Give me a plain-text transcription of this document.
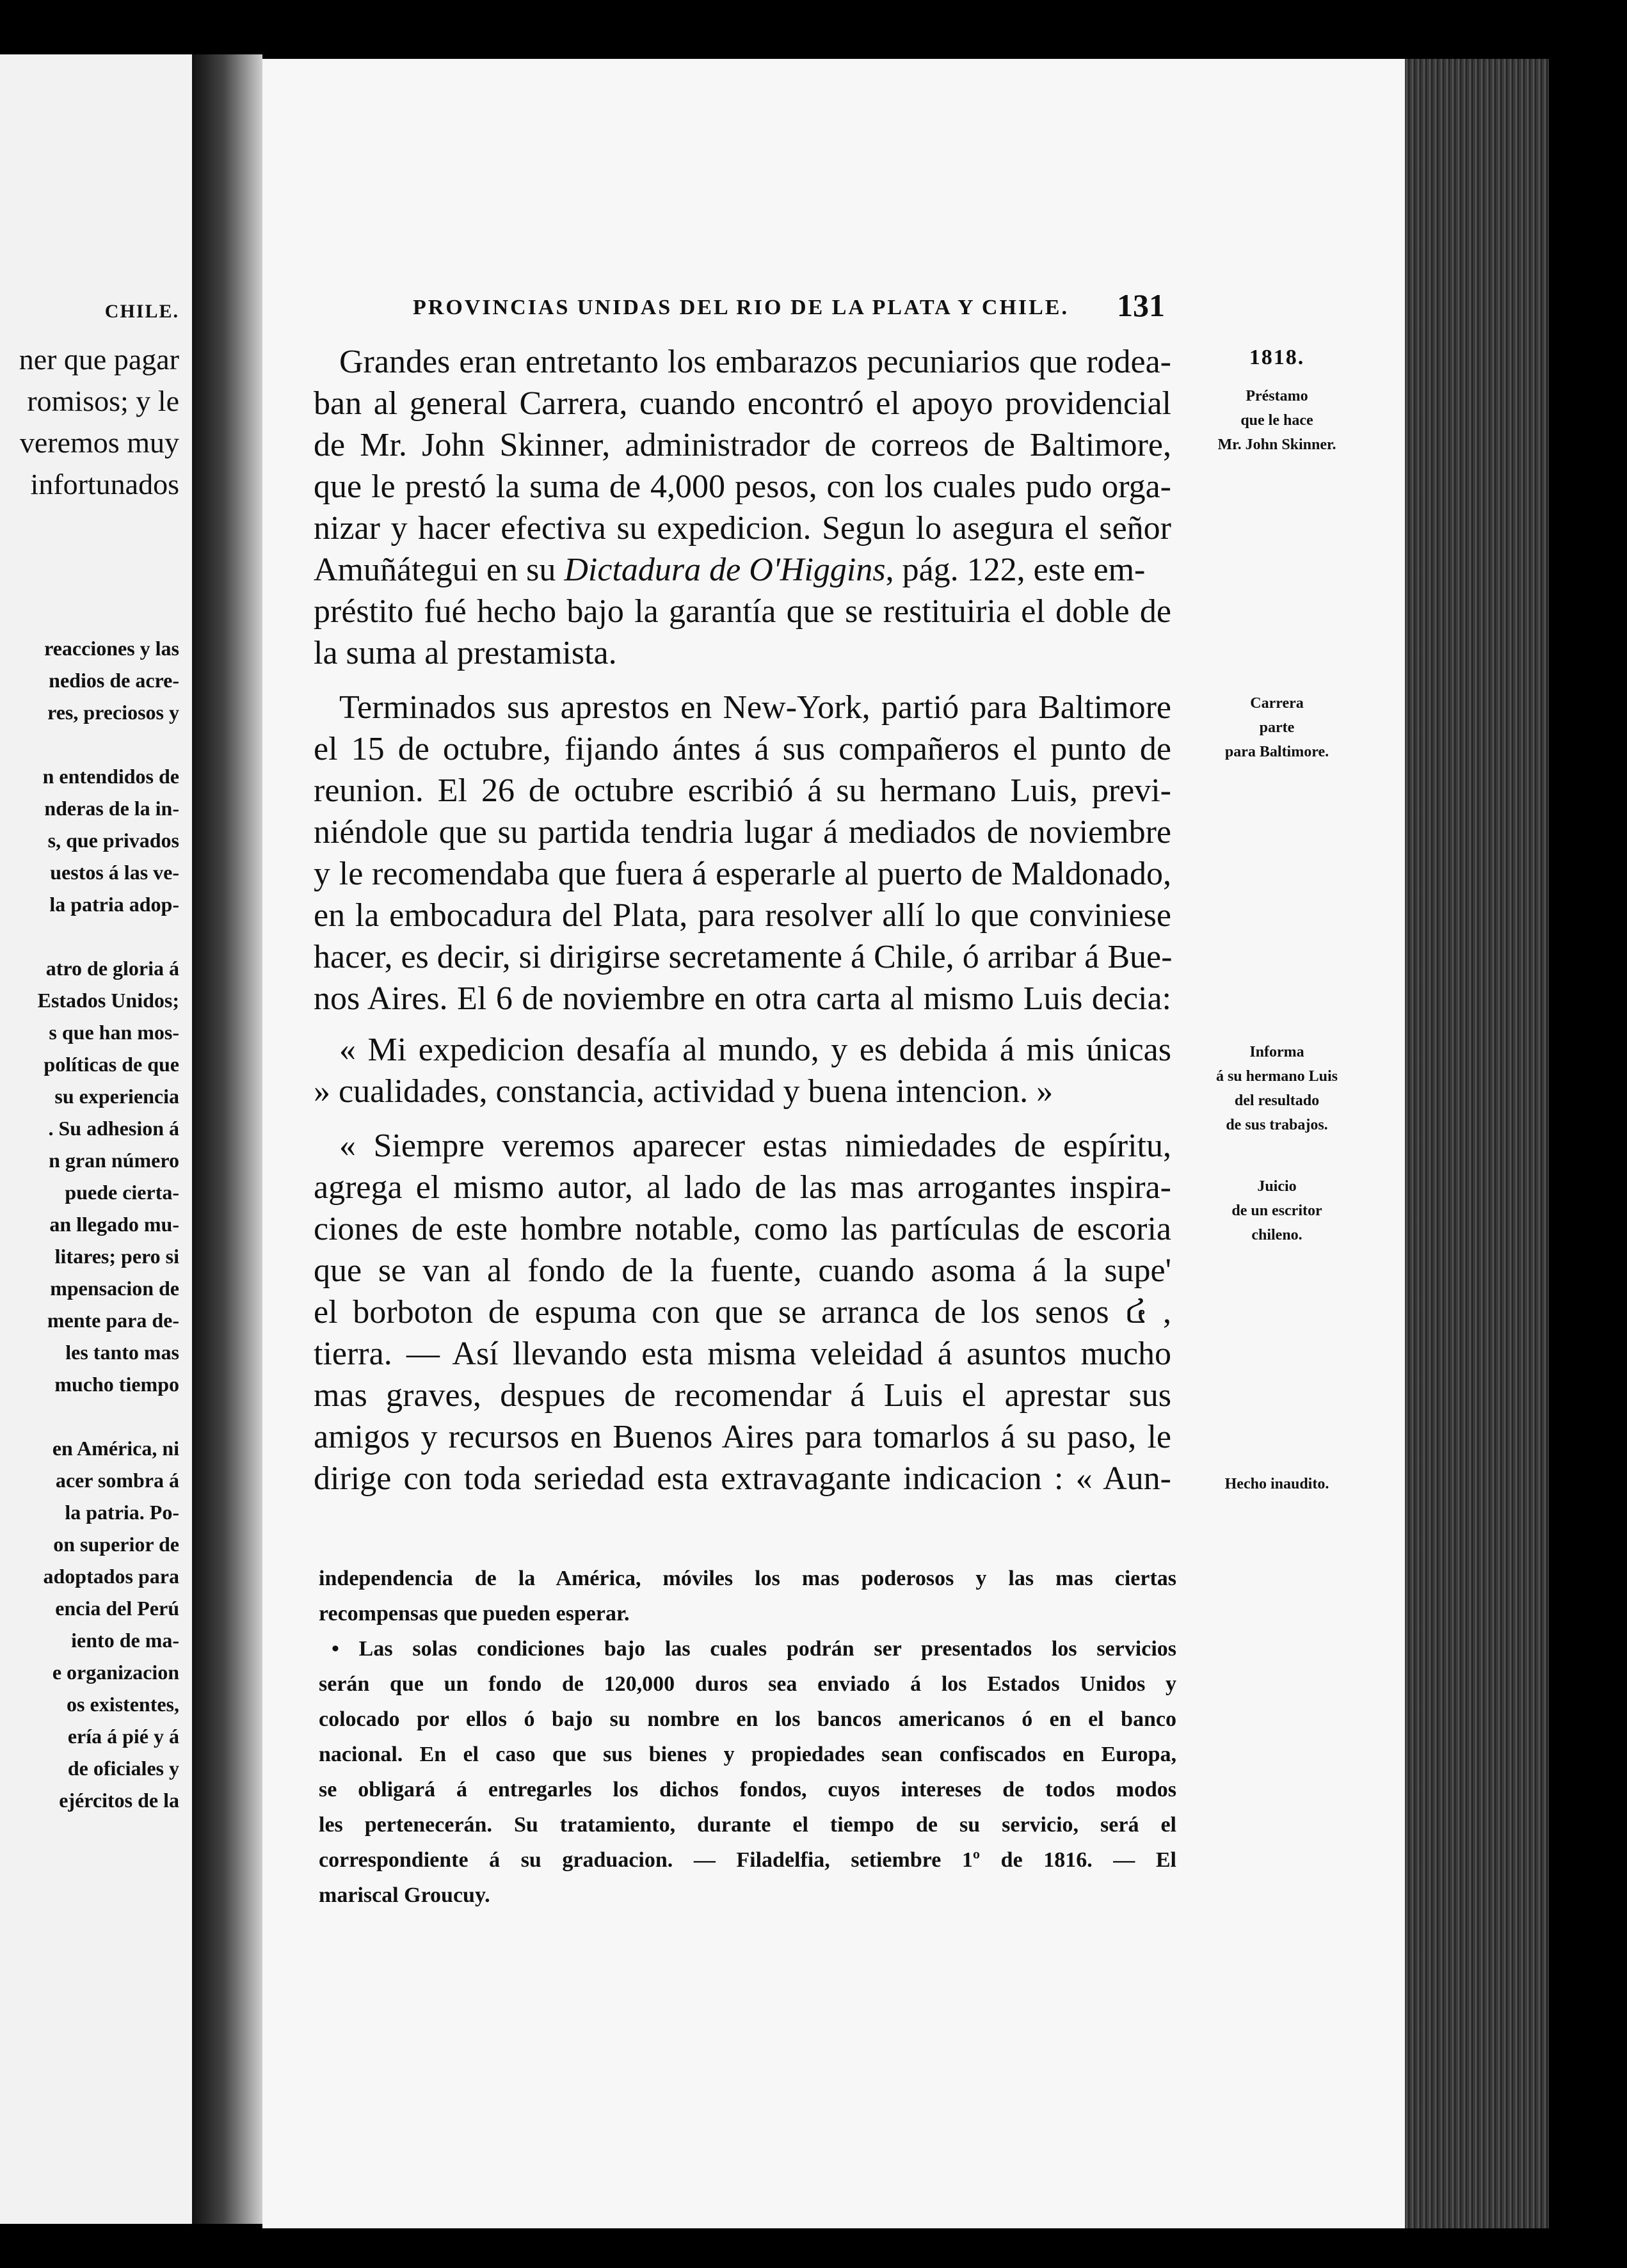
CHILE.
ner que pagar
romisos; y le
veremos muy
infortunados
reacciones y las
nedios de acre-
res, preciosos y
n entendidos de
nderas de la in-
s, que privados
uestos á las ve-
la patria adop-
atro de gloria á
Estados Unidos;
s que han mos-
políticas de que
su experiencia
. Su adhesion á
n gran número
puede cierta-
an llegado mu-
litares; pero si
mpensacion de
mente para de-
les tanto mas
mucho tiempo
en América, ni
acer sombra á
la patria. Po-
on superior de
adoptados para
encia del Perú
iento de ma-
e organizacion
os existentes,
ería á pié y á
de oficiales y
ejércitos de la
PROVINCIAS UNIDAS DEL RIO DE LA PLATA Y CHILE. 131
Grandes eran entretanto los embarazos pecuniarios que rodea-
ban al general Carrera, cuando encontró el apoyo providencial
de Mr. John Skinner, administrador de correos de Baltimore,
que le prestó la suma de 4,000 pesos, con los cuales pudo orga-
nizar y hacer efectiva su expedicion. Segun lo asegura el señor
Amuñátegui en su Dictadura de O'Higgins, pág. 122, este em-
préstito fué hecho bajo la garantía que se restituiria el doble de
la suma al prestamista.
Terminados sus aprestos en New-York, partió para Baltimore
el 15 de octubre, fijando ántes á sus compañeros el punto de
reunion. El 26 de octubre escribió á su hermano Luis, previ-
niéndole que su partida tendria lugar á mediados de noviembre
y le recomendaba que fuera á esperarle al puerto de Maldonado,
en la embocadura del Plata, para resolver allí lo que conviniese
hacer, es decir, si dirigirse secretamente á Chile, ó arribar á Bue-
nos Aires. El 6 de noviembre en otra carta al mismo Luis decia:
« Mi expedicion desafía al mundo, y es debida á mis únicas
» cualidades, constancia, actividad y buena intencion. »
« Siempre veremos aparecer estas nimiedades de espíritu,
agrega el mismo autor, al lado de las mas arrogantes inspira-
ciones de este hombre notable, como las partículas de escoria
que se van al fondo de la fuente, cuando asoma á la supe'
el borboton de espuma con que se arranca de los senos ៤ ,
tierra. — Así llevando esta misma veleidad á asuntos mucho
mas graves, despues de recomendar á Luis el aprestar sus
amigos y recursos en Buenos Aires para tomarlos á su paso, le
dirige con toda seriedad esta extravagante indicacion : « Aun-
independencia de la América, móviles los mas poderosos y las mas ciertas
recompensas que pueden esperar.
• Las solas condiciones bajo las cuales podrán ser presentados los servicios
serán que un fondo de 120,000 duros sea enviado á los Estados Unidos y
colocado por ellos ó bajo su nombre en los bancos americanos ó en el banco
nacional. En el caso que sus bienes y propiedades sean confiscados en Europa,
se obligará á entregarles los dichos fondos, cuyos intereses de todos modos
les pertenecerán. Su tratamiento, durante el tiempo de su servicio, será el
correspondiente á su graduacion. — Filadelfia, setiembre 1º de 1816. — El
mariscal Groucuy.
1818.
Préstamo
que le hace
Mr. John Skinner.
Carrera
parte
para Baltimore.
Informa
á su hermano Luis
del resultado
de sus trabajos.
Juicio
de un escritor
chileno.
Hecho inaudito.
